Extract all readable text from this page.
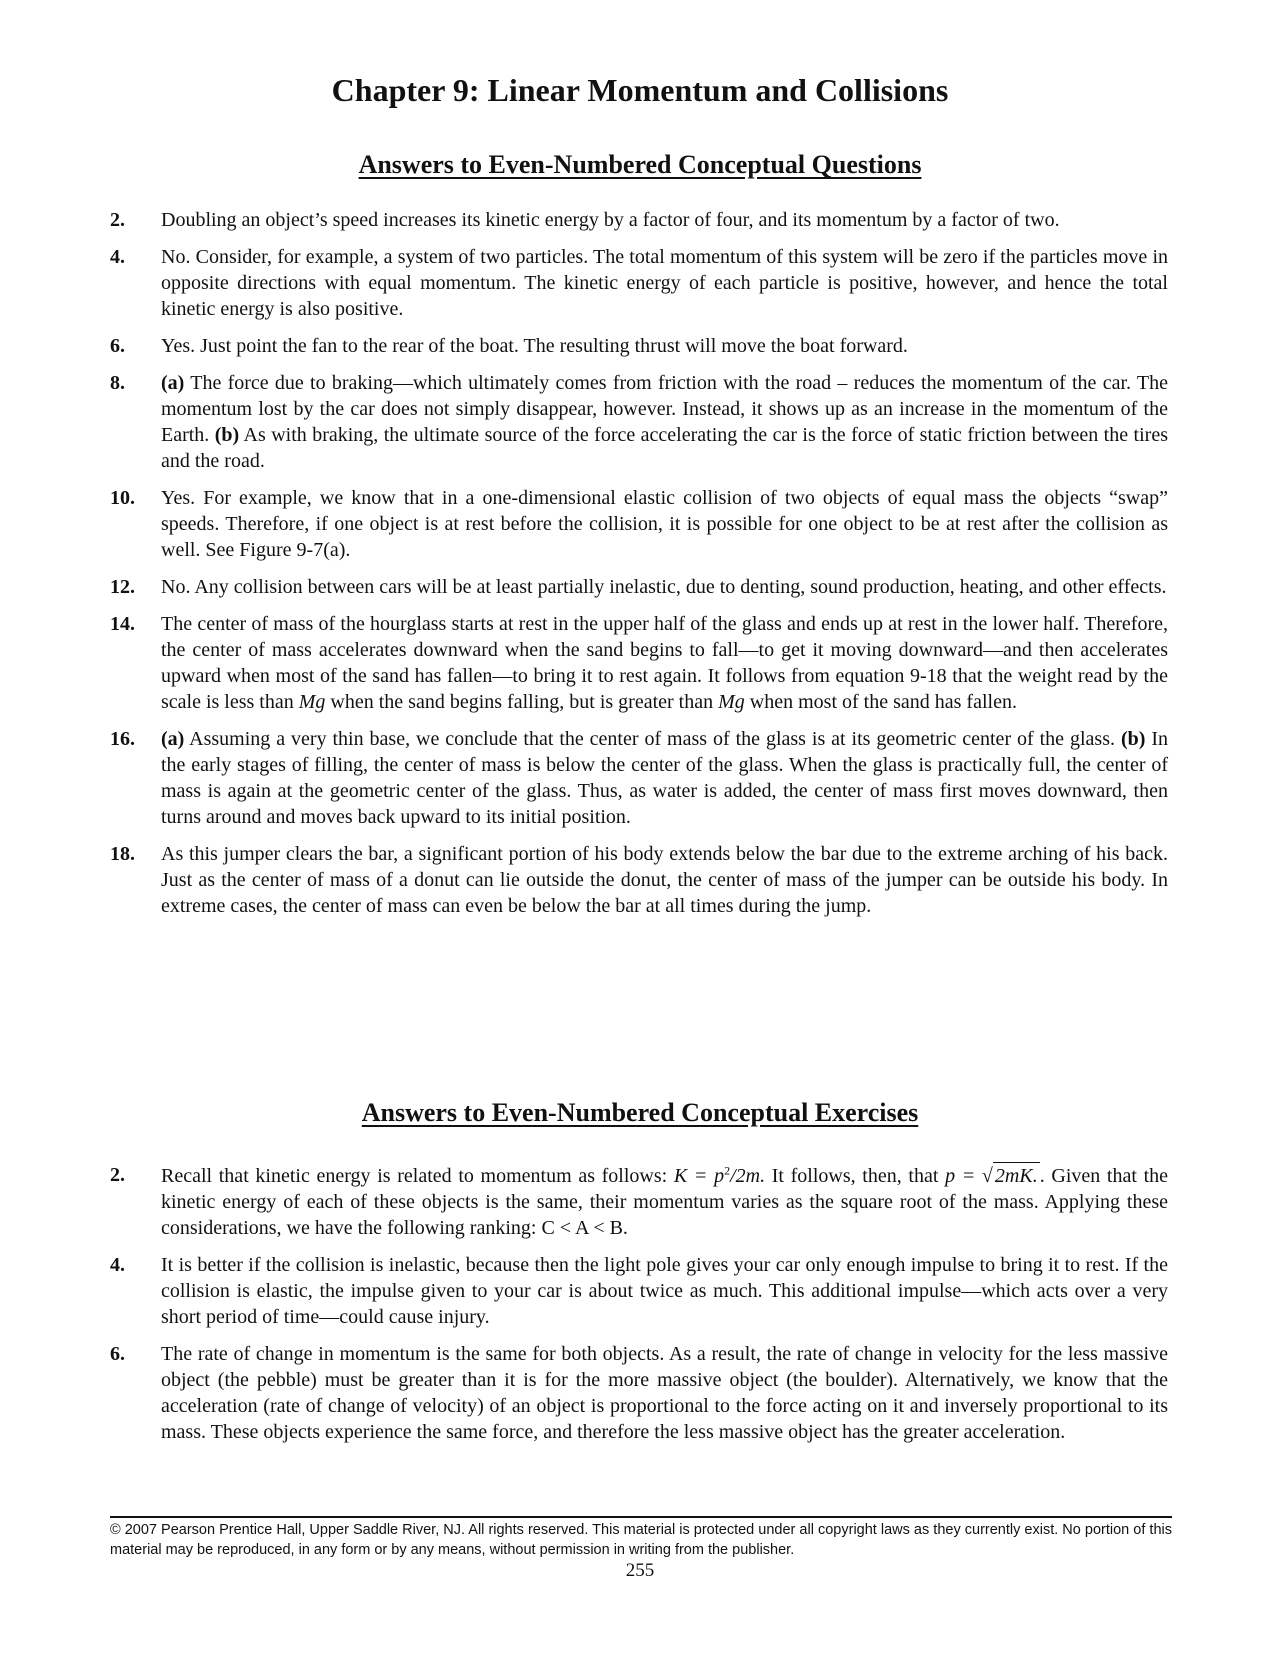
Chapter 9: Linear Momentum and Collisions
Answers to Even-Numbered Conceptual Questions
2.	Doubling an object’s speed increases its kinetic energy by a factor of four, and its momentum by a factor of two.
4.	No. Consider, for example, a system of two particles. The total momentum of this system will be zero if the particles move in opposite directions with equal momentum. The kinetic energy of each particle is positive, however, and hence the total kinetic energy is also positive.
6.	Yes. Just point the fan to the rear of the boat. The resulting thrust will move the boat forward.
8.	(a) The force due to braking—which ultimately comes from friction with the road – reduces the momentum of the car. The momentum lost by the car does not simply disappear, however. Instead, it shows up as an increase in the momentum of the Earth. (b) As with braking, the ultimate source of the force accelerating the car is the force of static friction between the tires and the road.
10.	Yes. For example, we know that in a one-dimensional elastic collision of two objects of equal mass the objects “swap” speeds. Therefore, if one object is at rest before the collision, it is possible for one object to be at rest after the collision as well. See Figure 9-7(a).
12.	No. Any collision between cars will be at least partially inelastic, due to denting, sound production, heating, and other effects.
14.	The center of mass of the hourglass starts at rest in the upper half of the glass and ends up at rest in the lower half. Therefore, the center of mass accelerates downward when the sand begins to fall—to get it moving downward—and then accelerates upward when most of the sand has fallen—to bring it to rest again. It follows from equation 9-18 that the weight read by the scale is less than Mg when the sand begins falling, but is greater than Mg when most of the sand has fallen.
16.	(a) Assuming a very thin base, we conclude that the center of mass of the glass is at its geometric center of the glass. (b) In the early stages of filling, the center of mass is below the center of the glass. When the glass is practically full, the center of mass is again at the geometric center of the glass. Thus, as water is added, the center of mass first moves downward, then turns around and moves back upward to its initial position.
18.	As this jumper clears the bar, a significant portion of his body extends below the bar due to the extreme arching of his back. Just as the center of mass of a donut can lie outside the donut, the center of mass of the jumper can be outside his body. In extreme cases, the center of mass can even be below the bar at all times during the jump.
Answers to Even-Numbered Conceptual Exercises
2.	Recall that kinetic energy is related to momentum as follows: $K = p^2/2m$. It follows, then, that p = √ 2mK. . Given that the kinetic energy of each of these objects is the same, their momentum varies as the square root of the mass. Applying these considerations, we have the following ranking: C < A < B.
4.	It is better if the collision is inelastic, because then the light pole gives your car only enough impulse to bring it to rest. If the collision is elastic, the impulse given to your car is about twice as much. This additional impulse—which acts over a very short period of time—could cause injury.
6.	The rate of change in momentum is the same for both objects. As a result, the rate of change in velocity for the less massive object (the pebble) must be greater than it is for the more massive object (the boulder). Alternatively, we know that the acceleration (rate of change of velocity) of an object is proportional to the force acting on it and inversely proportional to its mass. These objects experience the same force, and therefore the less massive object has the greater acceleration.
© 2007 Pearson Prentice Hall, Upper Saddle River, NJ. All rights reserved. This material is protected under all copyright laws as they currently exist. No portion of this material may be reproduced, in any form or by any means, without permission in writing from the publisher.
255
